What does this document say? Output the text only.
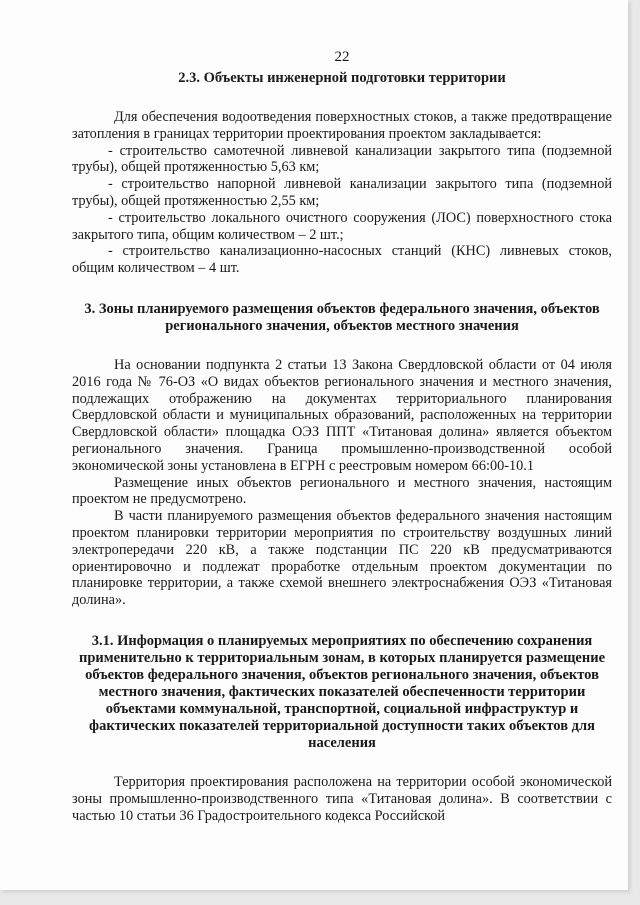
22
2.3. Объекты инженерной подготовки территории

Для обеспечения водоотведения поверхностных стоков, а также предотвращение затопления в границах территории проектирования проектом закладывается:

- строительство самотечной ливневой канализации закрытого типа (подземной трубы), общей протяженностью 5,63 км;

- строительство напорной ливневой канализации закрытого типа (подземной трубы), общей протяженностью 2,55 км;

- строительство локального очистного сооружения (ЛОС) поверхностного стока закрытого типа, общим количеством – 2 шт.;

- строительство канализационно-насосных станций (КНС) ливневых стоков, общим количеством – 4 шт.

3. Зоны планируемого размещения объектов федерального значения, объектов регионального значения, объектов местного значения

На основании подпункта 2 статьи 13 Закона Свердловской области от 04 июля 2016 года № 76-ОЗ «О видах объектов регионального значения и местного значения, подлежащих отображению на документах территориального планирования Свердловской области и муниципальных образований, расположенных на территории Свердловской области» площадка ОЭЗ ППТ «Титановая долина» является объектом регионального значения. Граница промышленно-производственной особой экономической зоны установлена в ЕГРН с реестровым номером 66:00-10.1

Размещение иных объектов регионального и местного значения, настоящим проектом не предусмотрено.

В части планируемого размещения объектов федерального значения настоящим проектом планировки территории мероприятия по строительству воздушных линий электропередачи 220 кВ, а также подстанции ПС 220 кВ предусматриваются ориентировочно и подлежат проработке отдельным проектом документации по планировке территории, а также схемой внешнего электроснабжения ОЭЗ «Титановая долина».

3.1. Информация о планируемых мероприятиях по обеспечению сохранения применительно к территориальным зонам, в которых планируется размещение объектов федерального значения, объектов регионального значения, объектов местного значения, фактических показателей обеспеченности территории объектами коммунальной, транспортной, социальной инфраструктур и фактических показателей территориальной доступности таких объектов для населения

Территория проектирования расположена на территории особой экономической зоны промышленно-производственного типа «Титановая долина». В соответствии с частью 10 статьи 36 Градостроительного кодекса Российской
